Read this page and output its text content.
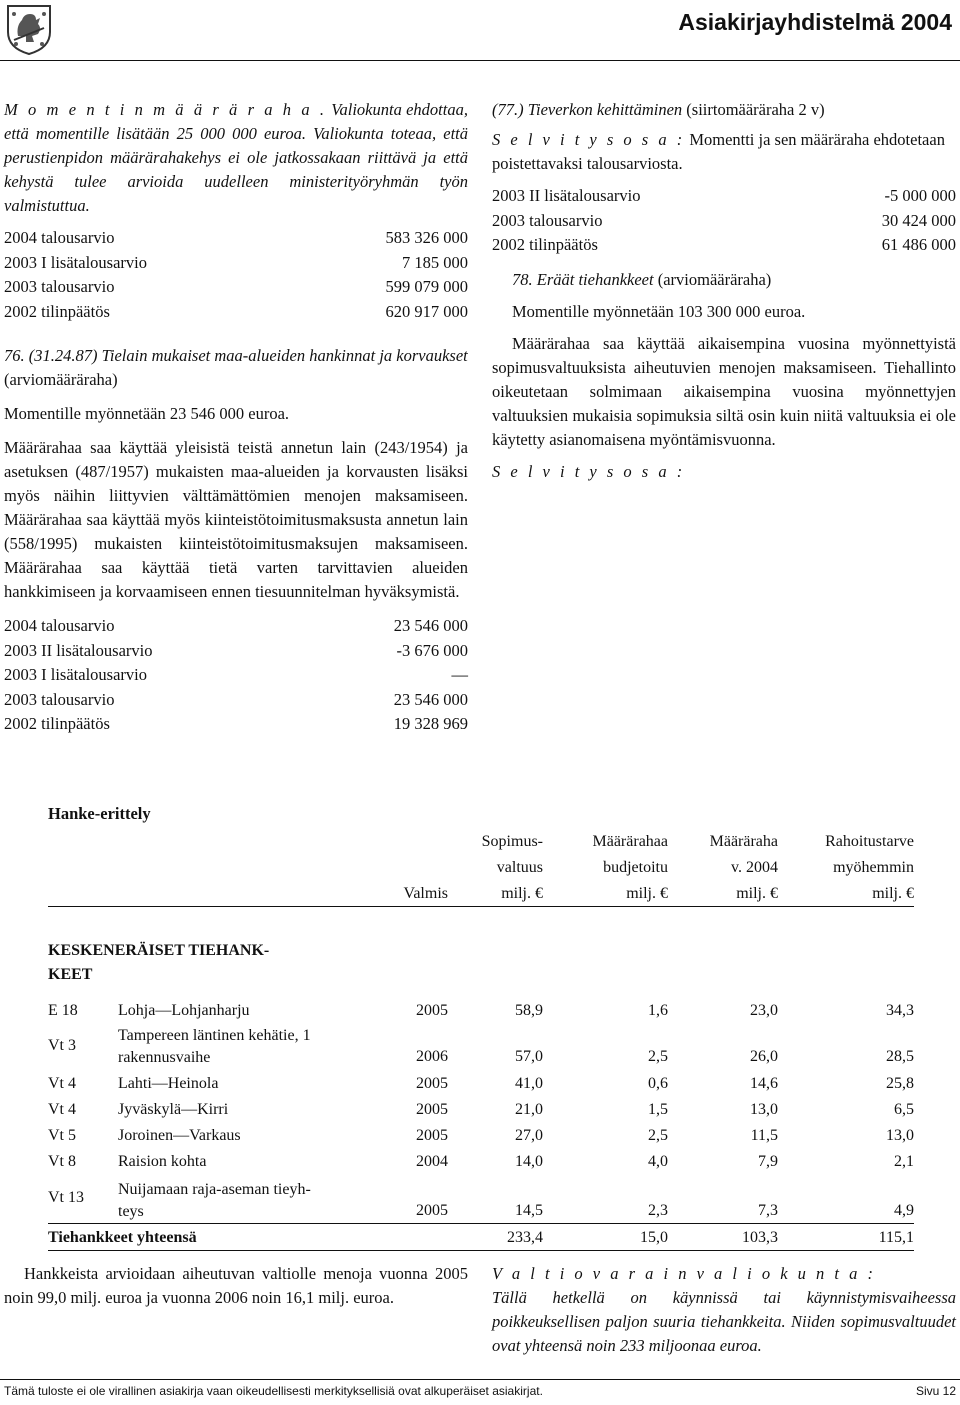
Asiakirjayhdistelmä 2004

M o m e n t i n m ä ä r ä r a h a . Valiokunta ehdottaa, että momentille lisätään 25 000 000 euroa. Valiokunta toteaa, että perustienpidon määrärahakehys ei ole jatkossakaan riittävä ja että kehystä tulee arvioida uudelleen ministerityöryhmän työn valmistuttua.

2004 talousarvio	583 326 000
2003 I lisätalousarvio	7 185 000
2003 talousarvio	599 079 000
2002 tilinpäätös	620 917 000

76. (31.24.87) Tielain mukaiset maa-alueiden hankinnat ja korvaukset (arviomääräraha)

Momentille myönnetään 23 546 000 euroa.

Määrärahaa saa käyttää yleisistä teistä annetun lain (243/1954) ja asetuksen (487/1957) mukaisten maa-alueiden ja korvausten lisäksi myös näihin liittyvien välttämättömien menojen maksamiseen. Määrärahaa saa käyttää myös kiinteistötoimitusmaksusta annetun lain (558/1995) mukaisten kiinteistötoimitusmaksujen maksamiseen. Määrärahaa saa käyttää tietä varten tarvittavien alueiden hankkimiseen ja korvaamiseen ennen tiesuunnitelman hyväksymistä.

2004 talousarvio	23 546 000
2003 II lisätalousarvio	-3 676 000
2003 I lisätalousarvio	—
2003 talousarvio	23 546 000
2002 tilinpäätös	19 328 969

(77.) Tieverkon kehittäminen (siirtomääräraha 2 v)

S e l v i t y s o s a : Momentti ja sen määräraha ehdotetaan poistettavaksi talousarviosta.

2003 II lisätalousarvio	-5 000 000
2003 talousarvio	30 424 000
2002 tilinpäätös	61 486 000

78. Eräät tiehankkeet (arviomääräraha)

Momentille myönnetään 103 300 000 euroa.

Määrärahaa saa käyttää aikaisempina vuosina myönnettyistä sopimusvaltuuksista aiheutuvien menojen maksamiseen. Tiehallinto oikeutetaan solmimaan aikaisempina vuosina myönnettyjen valtuuksien mukaisia sopimuksia siltä osin kuin niitä valtuuksia ei ole käytetty asianomaisena myöntämisvuonna.

S e l v i t y s o s a :

Hanke-erittely
			Sopimus-	Määrärahaa	Määräraha	Rahoitustarve
			valtuus	budjetoitu	v. 2004	myöhemmin
		Valmis	milj. €	milj. €	milj. €	milj. €

KESKENERÄISET TIEHANK-
KEET						

E 18	Lohja—Lohjanharju	2005	58,9	1,6	23,0	34,3
Vt 3	Tampereen läntinen kehätie, 1
rakennusvaihe	2006	57,0	2,5	26,0	28,5
Vt 4	Lahti—Heinola	2005	41,0	0,6	14,6	25,8
Vt 4	Jyväskylä—Kirri	2005	21,0	1,5	13,0	6,5
Vt 5	Joroinen—Varkaus	2005	27,0	2,5	11,5	13,0
Vt 8	Raision kohta	2004	14,0	4,0	7,9	2,1
Vt 13	Nuijamaan raja-aseman tieyh-
teys	2005	14,5	2,3	7,3	4,9

Tiehankkeet yhteensä			233,4	15,0	103,3	115,1

Hankkeista arvioidaan aiheutuvan valtiolle menoja vuonna 2005 noin 99,0 milj. euroa ja vuonna 2006 noin 16,1 milj. euroa.

V a l t i o v a r a i n v a l i o k u n t a :

Tällä hetkellä on käynnissä tai käynnistymisvaiheessa poikkeuksellisen paljon suuria tiehankkeita. Niiden sopimusvaltuudet ovat yhteensä noin 233 miljoonaa euroa.

Tämä tuloste ei ole virallinen asiakirja vaan oikeudellisesti merkityksellisiä ovat alkuperäiset asiakirjat.	Sivu 12
